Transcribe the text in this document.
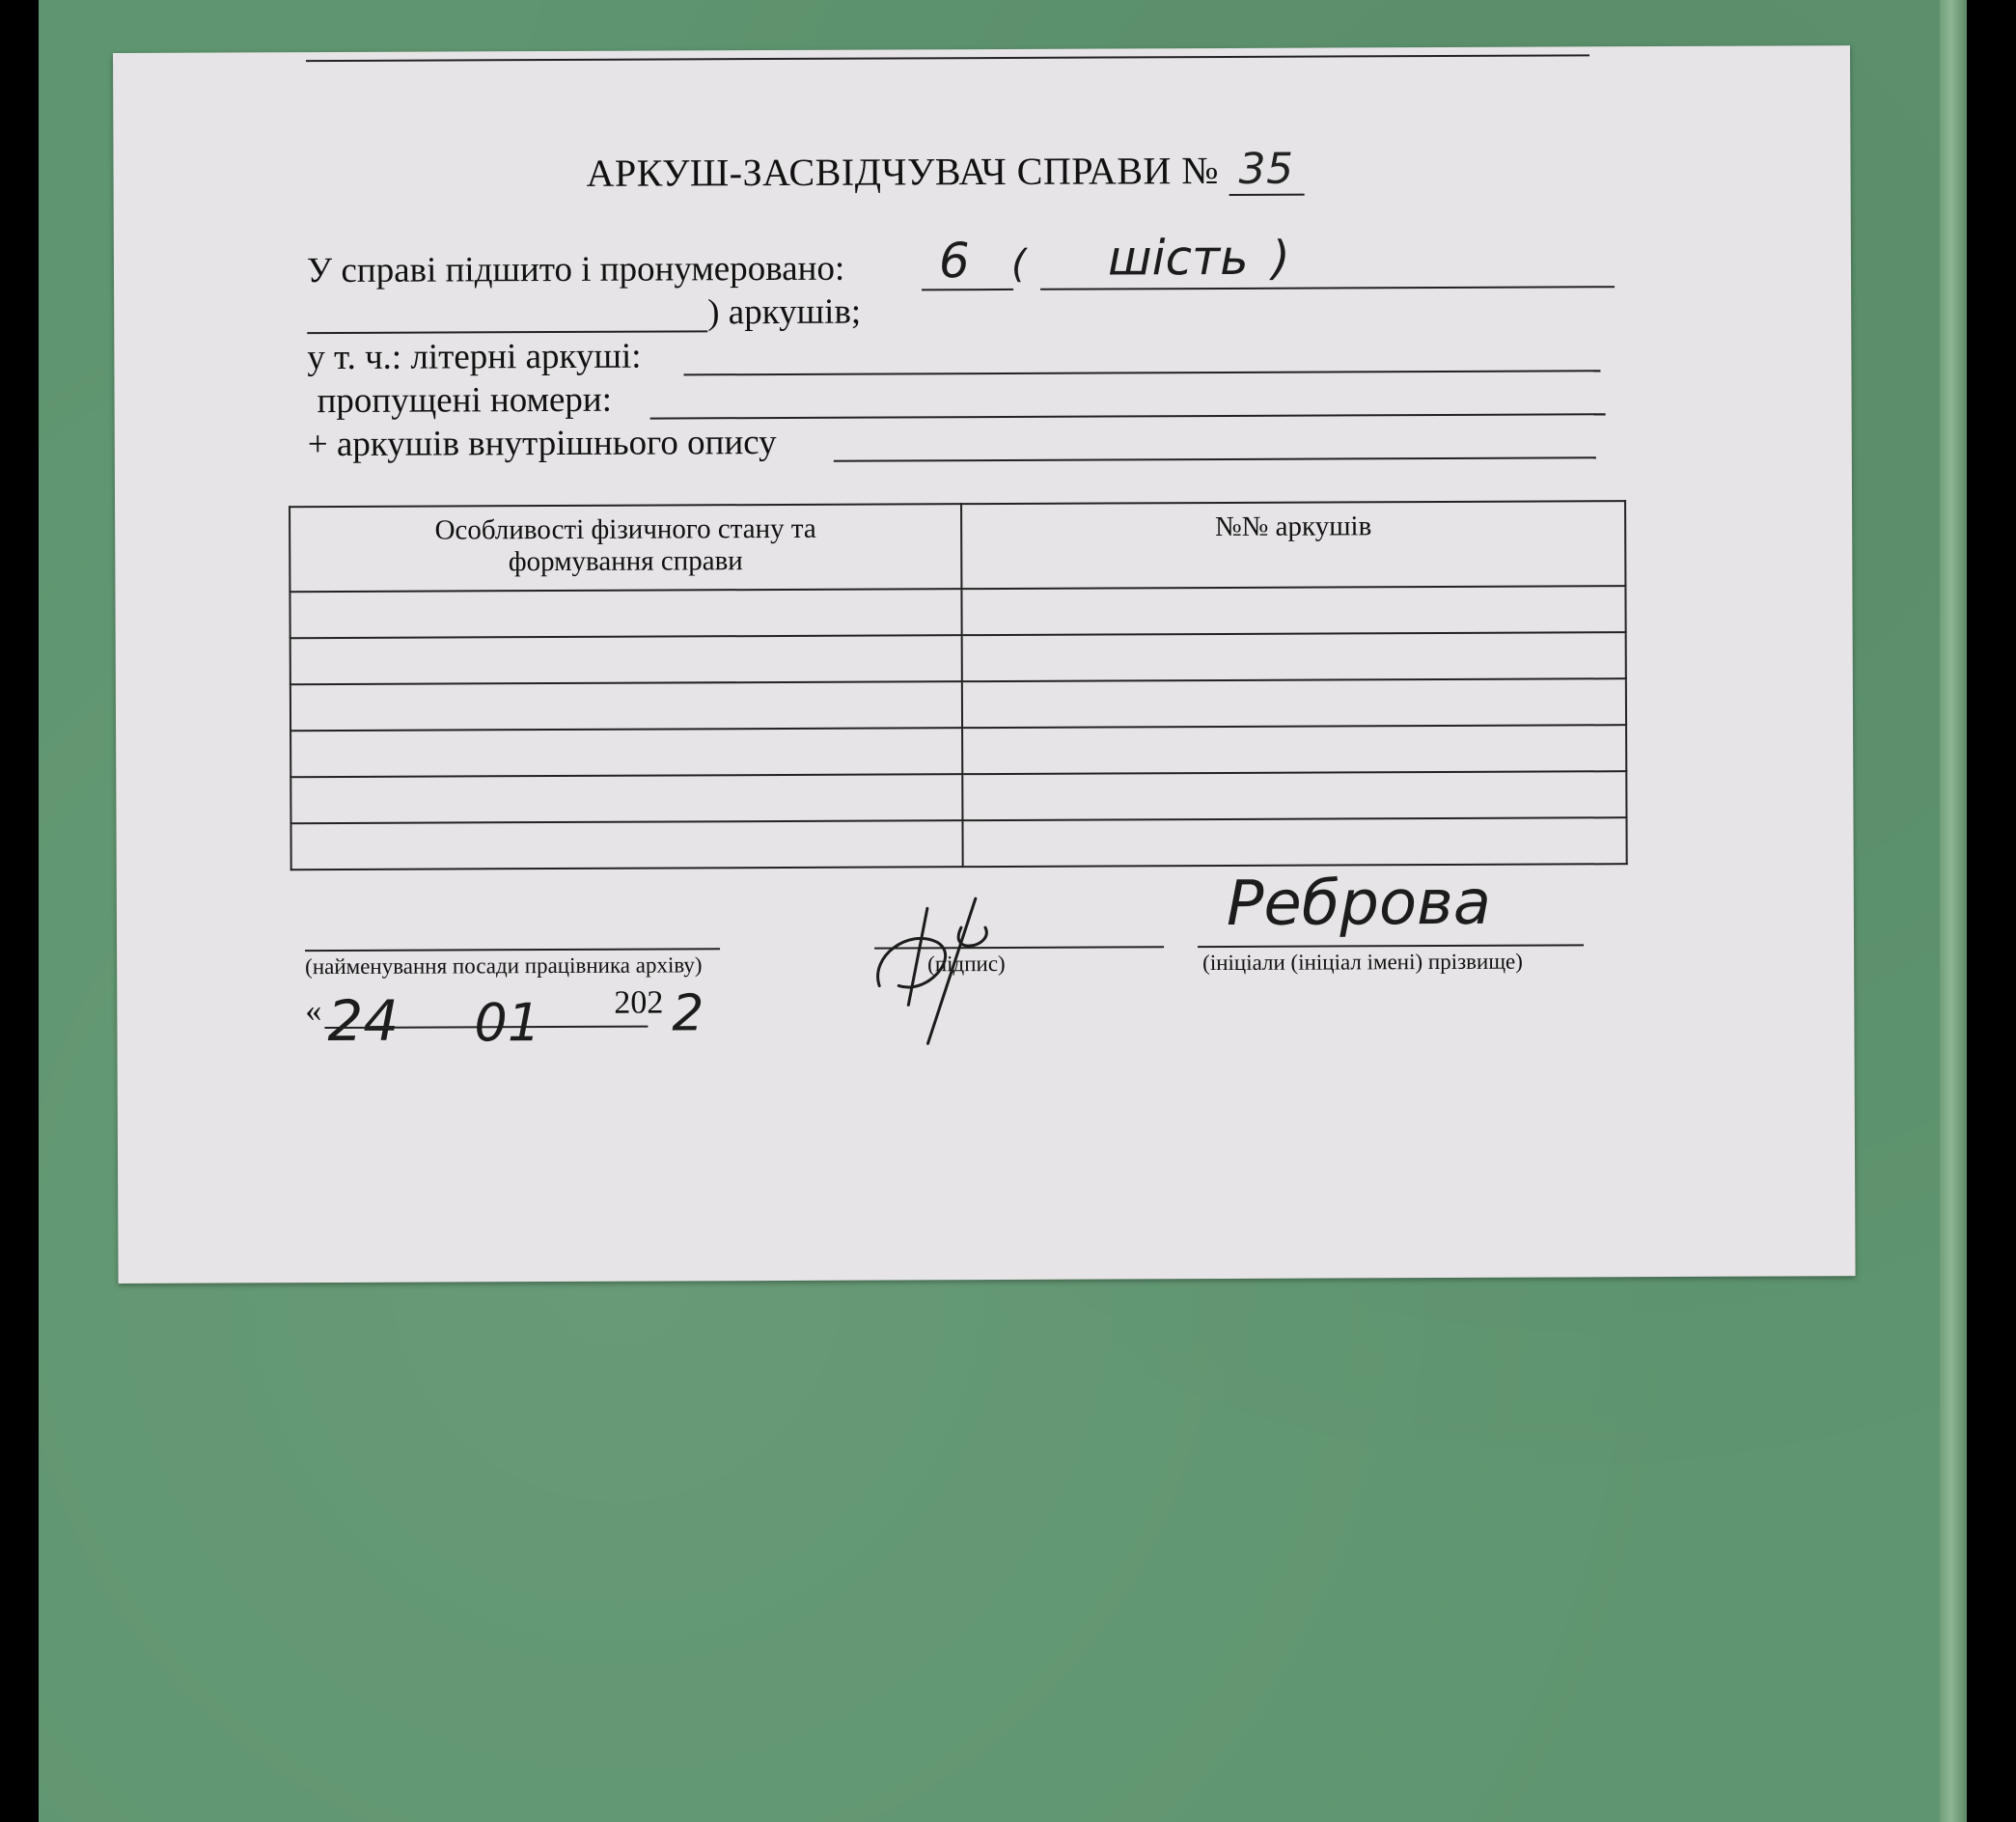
АРКУШ-ЗАСВІДЧУВАЧ СПРАВИ № 35
У справі підшито і пронумеровано: 6 ( шість )
) аркушів;
у т. ч.: літерні аркуші:
пропущені номери:
+ аркушів внутрішнього опису
Особливості фізичного стану та
формування справи	№№ аркушів

(найменування посади працівника архіву)	(підпис)	(ініціали (ініціал імені) прізвище)
Реброва
« 24 01 202 2
